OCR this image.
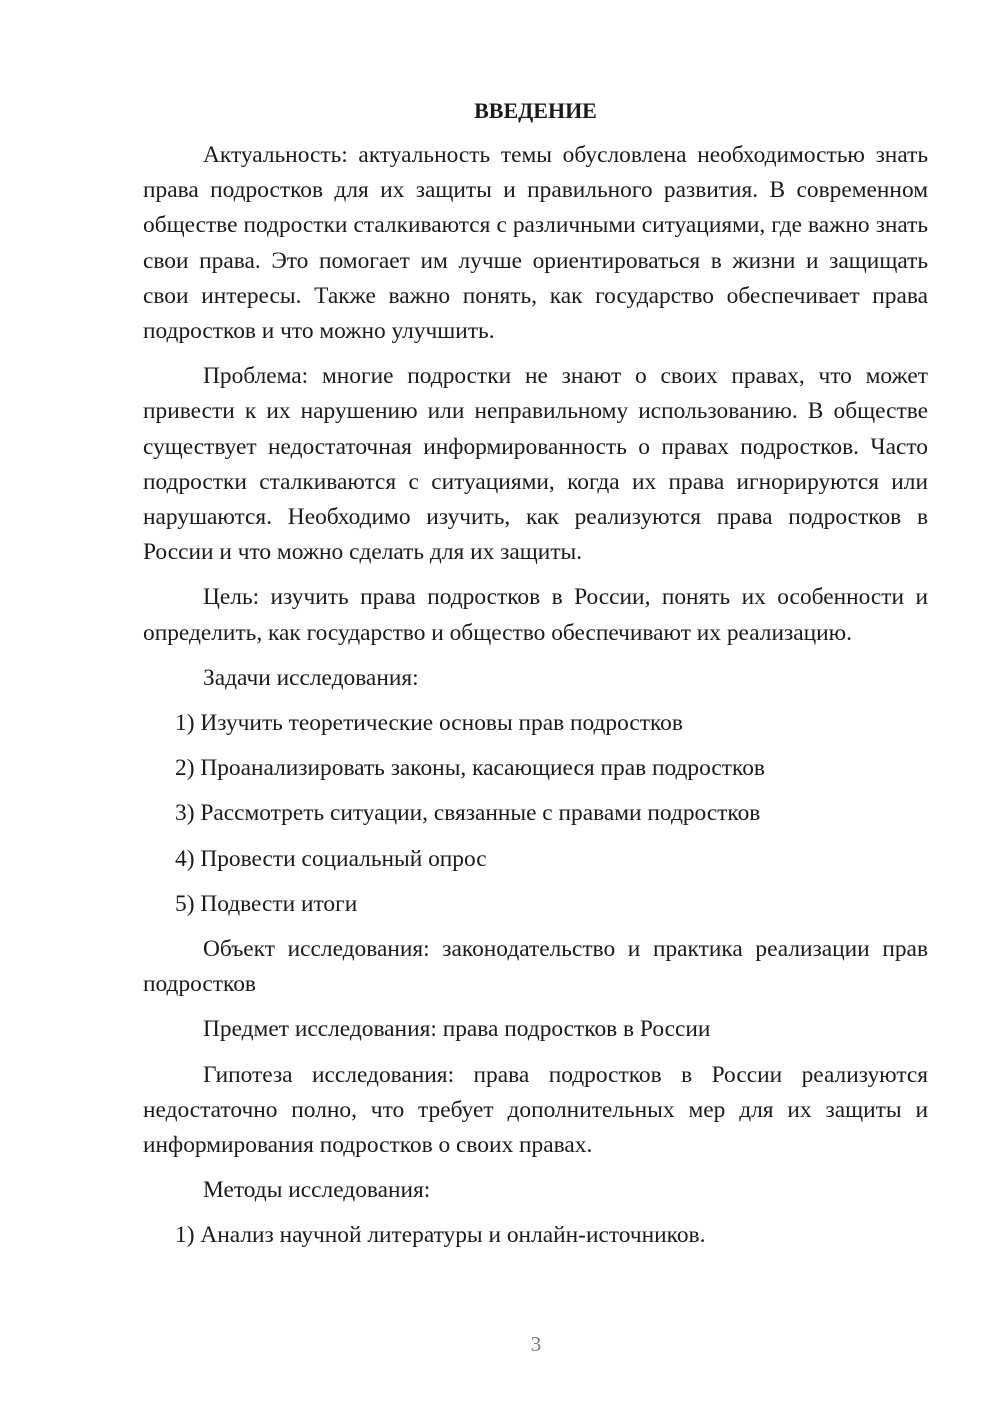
ВВЕДЕНИЕ

Актуальность: актуальность темы обусловлена необходимостью знать права подростков для их защиты и правильного развития. В современном обществе подростки сталкиваются с различными ситуациями, где важно знать свои права. Это помогает им лучше ориентироваться в жизни и защищать свои интересы. Также важно понять, как государство обеспечивает права подростков и что можно улучшить.

Проблема: многие подростки не знают о своих правах, что может привести к их нарушению или неправильному использованию. В обществе существует недостаточная информированность о правах подростков. Часто подростки сталкиваются с ситуациями, когда их права игнорируются или нарушаются. Необходимо изучить, как реализуются права подростков в России и что можно сделать для их защиты.

Цель: изучить права подростков в России, понять их особенности и определить, как государство и общество обеспечивают их реализацию.

Задачи исследования:

1) Изучить теоретические основы прав подростков

2) Проанализировать законы, касающиеся прав подростков

3) Рассмотреть ситуации, связанные с правами подростков

4) Провести социальный опрос

5) Подвести итоги

Объект исследования: законодательство и практика реализации прав подростков

Предмет исследования: права подростков в России

Гипотеза исследования: права подростков в России реализуются недостаточно полно, что требует дополнительных мер для их защиты и информирования подростков о своих правах.

Методы исследования:

1) Анализ научной литературы и онлайн-источников.

3
